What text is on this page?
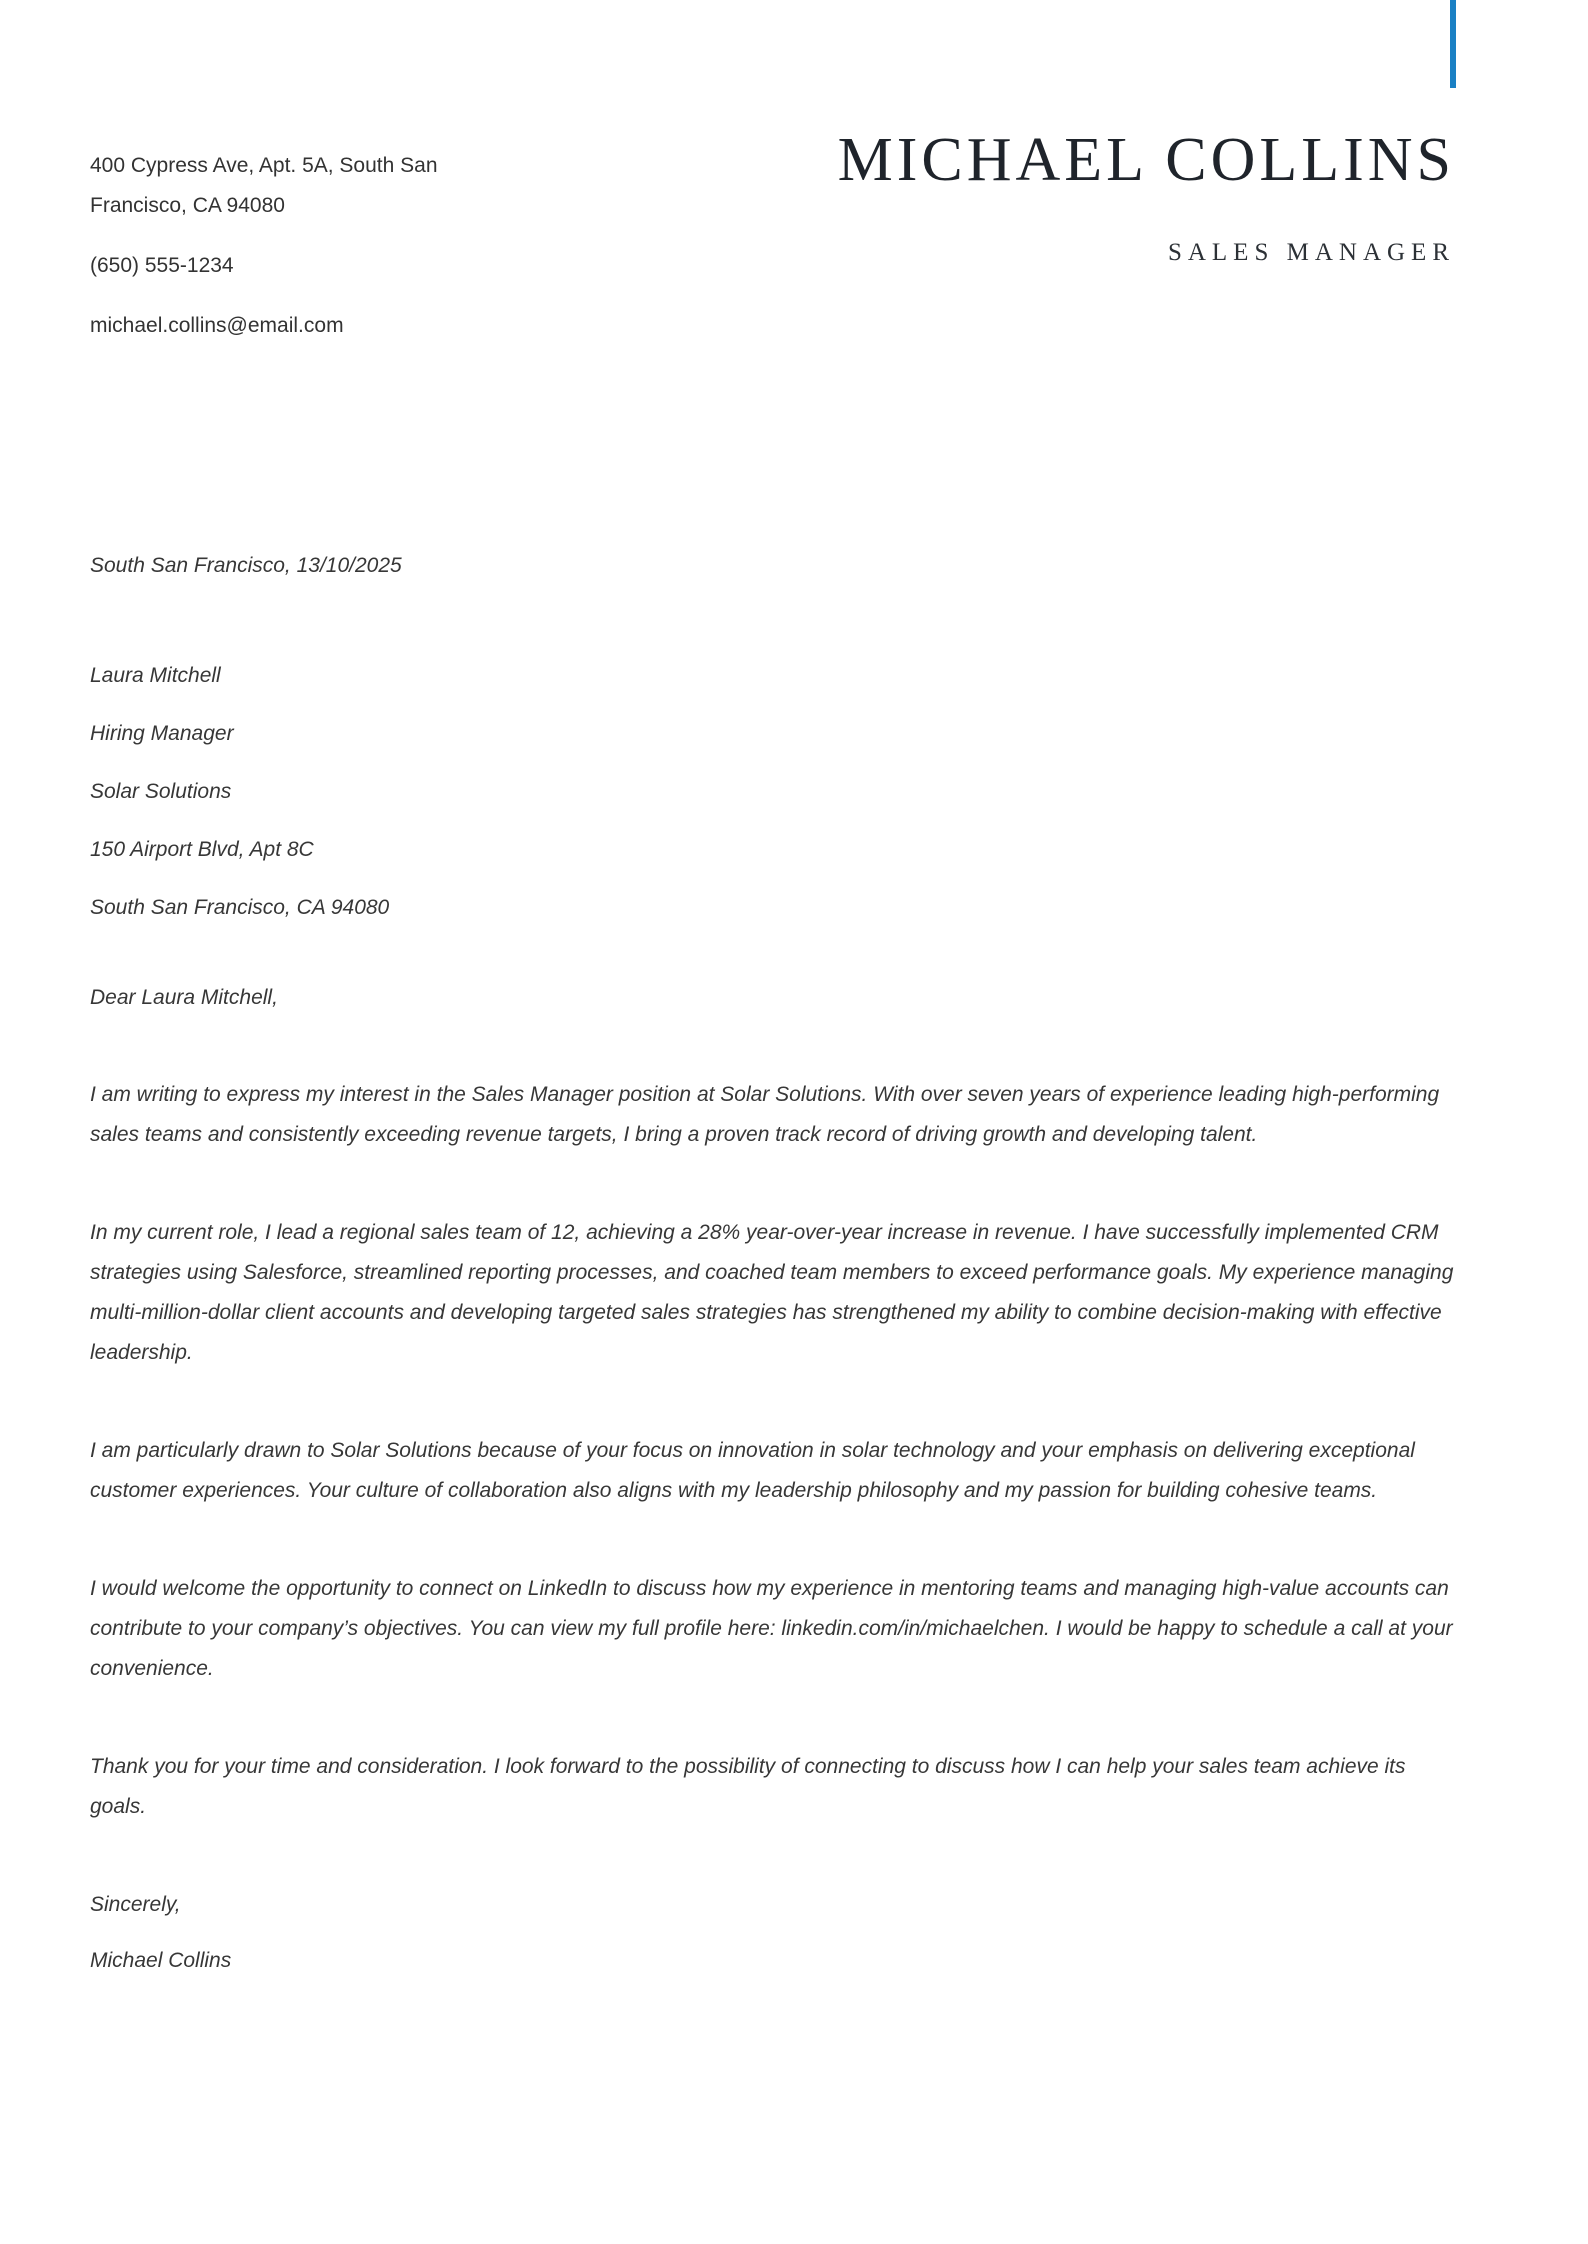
400 Cypress Ave, Apt. 5A, South San
Francisco, CA 94080
(650) 555-1234
michael.collins@email.com
MICHAEL COLLINS
SALES MANAGER

South San Francisco, 13/10/2025

Laura Mitchell

Hiring Manager

Solar Solutions

150 Airport Blvd, Apt 8C

South San Francisco, CA 94080

Dear Laura Mitchell,

I am writing to express my interest in the Sales Manager position at Solar Solutions. With over seven years of experience leading high-performing sales teams and consistently exceeding revenue targets, I bring a proven track record of driving growth and developing talent.

In my current role, I lead a regional sales team of 12, achieving a 28% year-over-year increase in revenue. I have successfully implemented CRM strategies using Salesforce, streamlined reporting processes, and coached team members to exceed performance goals. My experience managing multi-million-dollar client accounts and developing targeted sales strategies has strengthened my ability to combine decision-making with effective leadership.

I am particularly drawn to Solar Solutions because of your focus on innovation in solar technology and your emphasis on delivering exceptional customer experiences. Your culture of collaboration also aligns with my leadership philosophy and my passion for building cohesive teams.

I would welcome the opportunity to connect on LinkedIn to discuss how my experience in mentoring teams and managing high-value accounts can contribute to your company’s objectives. You can view my full profile here: linkedin.com/in/michaelchen. I would be happy to schedule a call at your convenience.

Thank you for your time and consideration. I look forward to the possibility of connecting to discuss how I can help your sales team achieve its goals.

Sincerely,

Michael Collins
